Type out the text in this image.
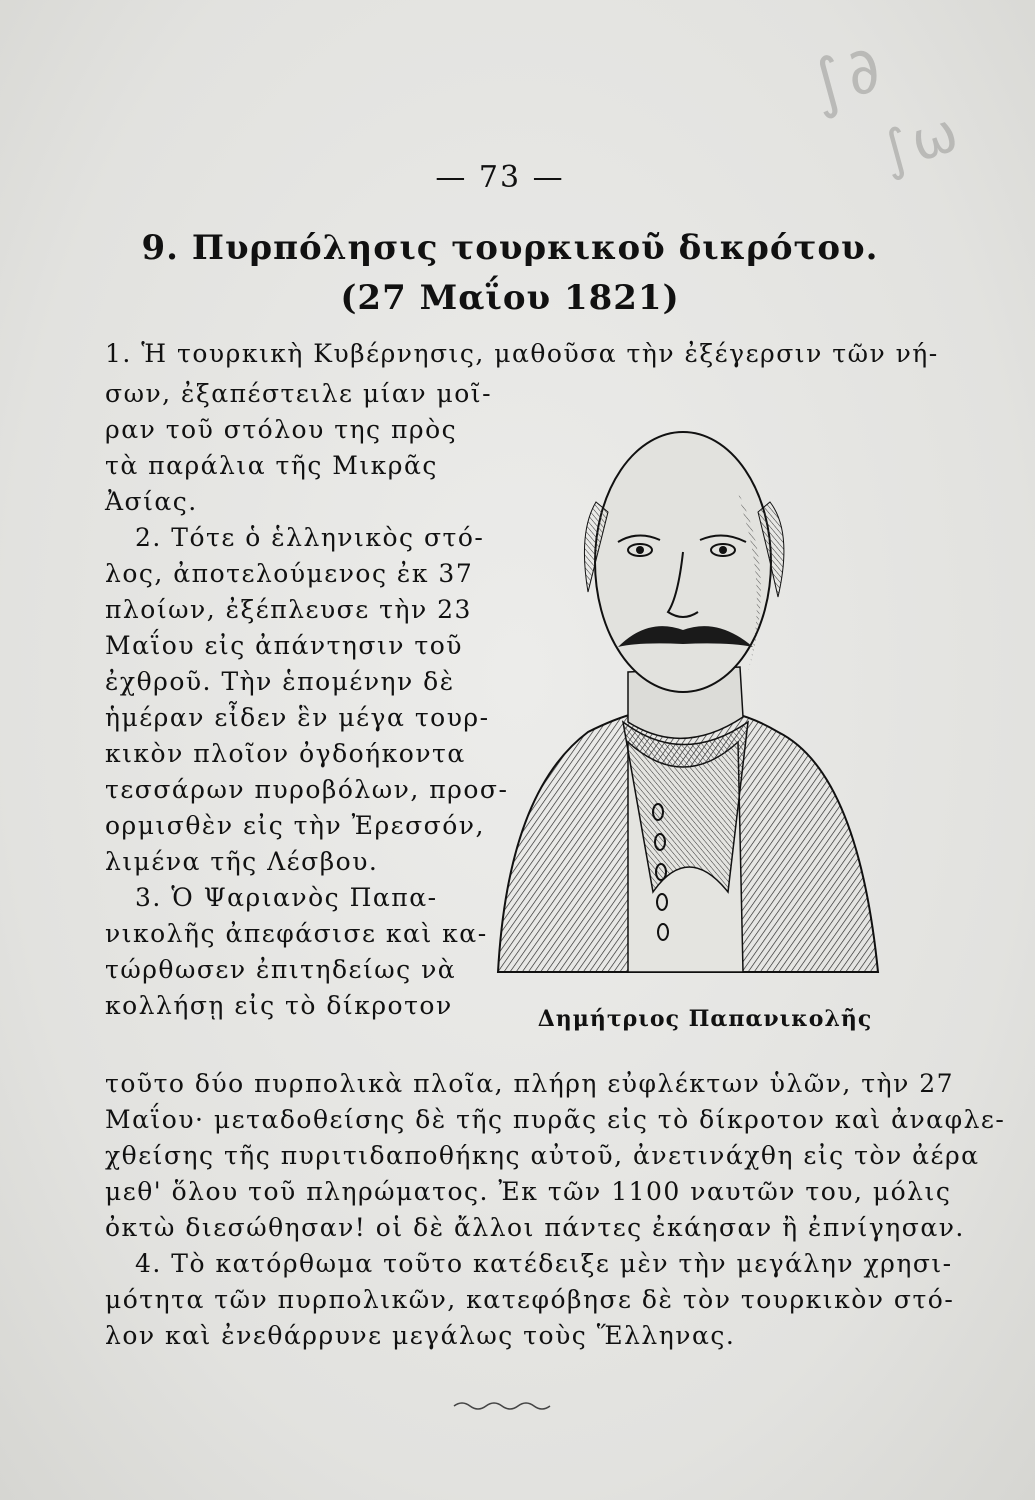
∫∂
∫ω
— 73 —
9. Πυρπόλησις τουρκικοῦ δικρότου.
(27 Μαΐου 1821)
1. Ἡ τουρκικὴ Κυβέρνησις, μαθοῦσα τὴν ἐξέγερσιν τῶν νή-
σων, ἐξαπέστειλε μίαν μοῖ-
ραν τοῦ στόλου της πρὸς
τὰ παράλια τῆς Μικρᾶς
Ἀσίας.
2. Τότε ὁ ἑλληνικὸς στό-
λος, ἀποτελούμενος ἐκ 37
πλοίων, ἐξέπλευσε τὴν 23
Μαΐου εἰς ἀπάντησιν τοῦ
ἐχθροῦ. Τὴν ἑπομένην δὲ
ἡμέραν εἶδεν ἓν μέγα τουρ-
κικὸν πλοῖον ὀγδοήκοντα
τεσσάρων πυροβόλων, προσ-
ορμισθὲν εἰς τὴν Ἐρεσσόν,
λιμένα τῆς Λέσβου.
3. Ὁ Ψαριανὸς Παπα-
νικολῆς ἀπεφάσισε καὶ κα-
τώρθωσεν ἐπιτηδείως νὰ
κολλήσῃ εἰς τὸ δίκροτον	Δημήτριος Παπανικολῆς
τοῦτο δύο πυρπολικὰ πλοῖα, πλήρη εὐφλέκτων ὑλῶν, τὴν 27
Μαΐου· μεταδοθείσης δὲ τῆς πυρᾶς εἰς τὸ δίκροτον καὶ ἀναφλε-
χθείσης τῆς πυριτιδαποθήκης αὐτοῦ, ἀνετινάχθη εἰς τὸν ἀέρα
μεθ' ὅλου τοῦ πληρώματος. Ἐκ τῶν 1100 ναυτῶν του, μόλις
ὀκτὼ διεσώθησαν! οἱ δὲ ἄλλοι πάντες ἐκάησαν ἢ ἐπνίγησαν.
4. Τὸ κατόρθωμα τοῦτο κατέδειξε μὲν τὴν μεγάλην χρησι-
μότητα τῶν πυρπολικῶν, κατεφόβησε δὲ τὸν τουρκικὸν στό-
λον καὶ ἐνεθάρρυνε μεγάλως τοὺς Ἕλληνας.
